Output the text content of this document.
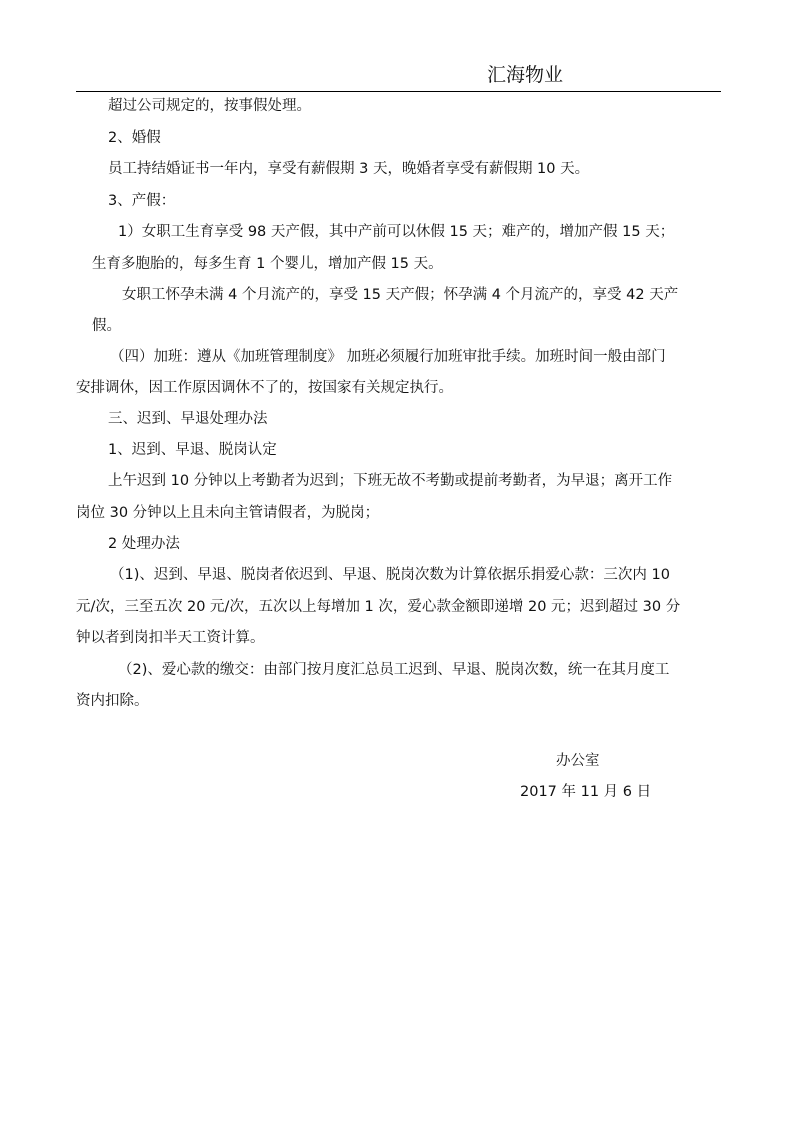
汇海物业
超过公司规定的，按事假处理。
2、婚假
员工持结婚证书一年内，享受有薪假期 3 天，晚婚者享受有薪假期 10 天。
3、产假：
1）女职工生育享受 98 天产假，其中产前可以休假 15 天；难产的，增加产假 15 天；
生育多胞胎的，每多生育 1 个婴儿，增加产假 15 天。
女职工怀孕未满 4 个月流产的，享受 15 天产假；怀孕满 4 个月流产的，享受 42 天产
假。
（四）加班：遵从《加班管理制度》 加班必须履行加班审批手续。加班时间一般由部门
安排调休，因工作原因调休不了的，按国家有关规定执行。
三、迟到、早退处理办法
1、迟到、早退、脱岗认定
上午迟到 10 分钟以上考勤者为迟到；下班无故不考勤或提前考勤者，为早退；离开工作
岗位 30 分钟以上且未向主管请假者，为脱岗；
2 处理办法
（1)、迟到、早退、脱岗者依迟到、早退、脱岗次数为计算依据乐捐爱心款：三次内 10
元/次，三至五次 20 元/次，五次以上每增加 1 次，爱心款金额即递增 20 元；迟到超过 30 分
钟以者到岗扣半天工资计算。
（2)、爱心款的缴交：由部门按月度汇总员工迟到、早退、脱岗次数，统一在其月度工
资内扣除。
办公室
2017 年 11 月 6 日
